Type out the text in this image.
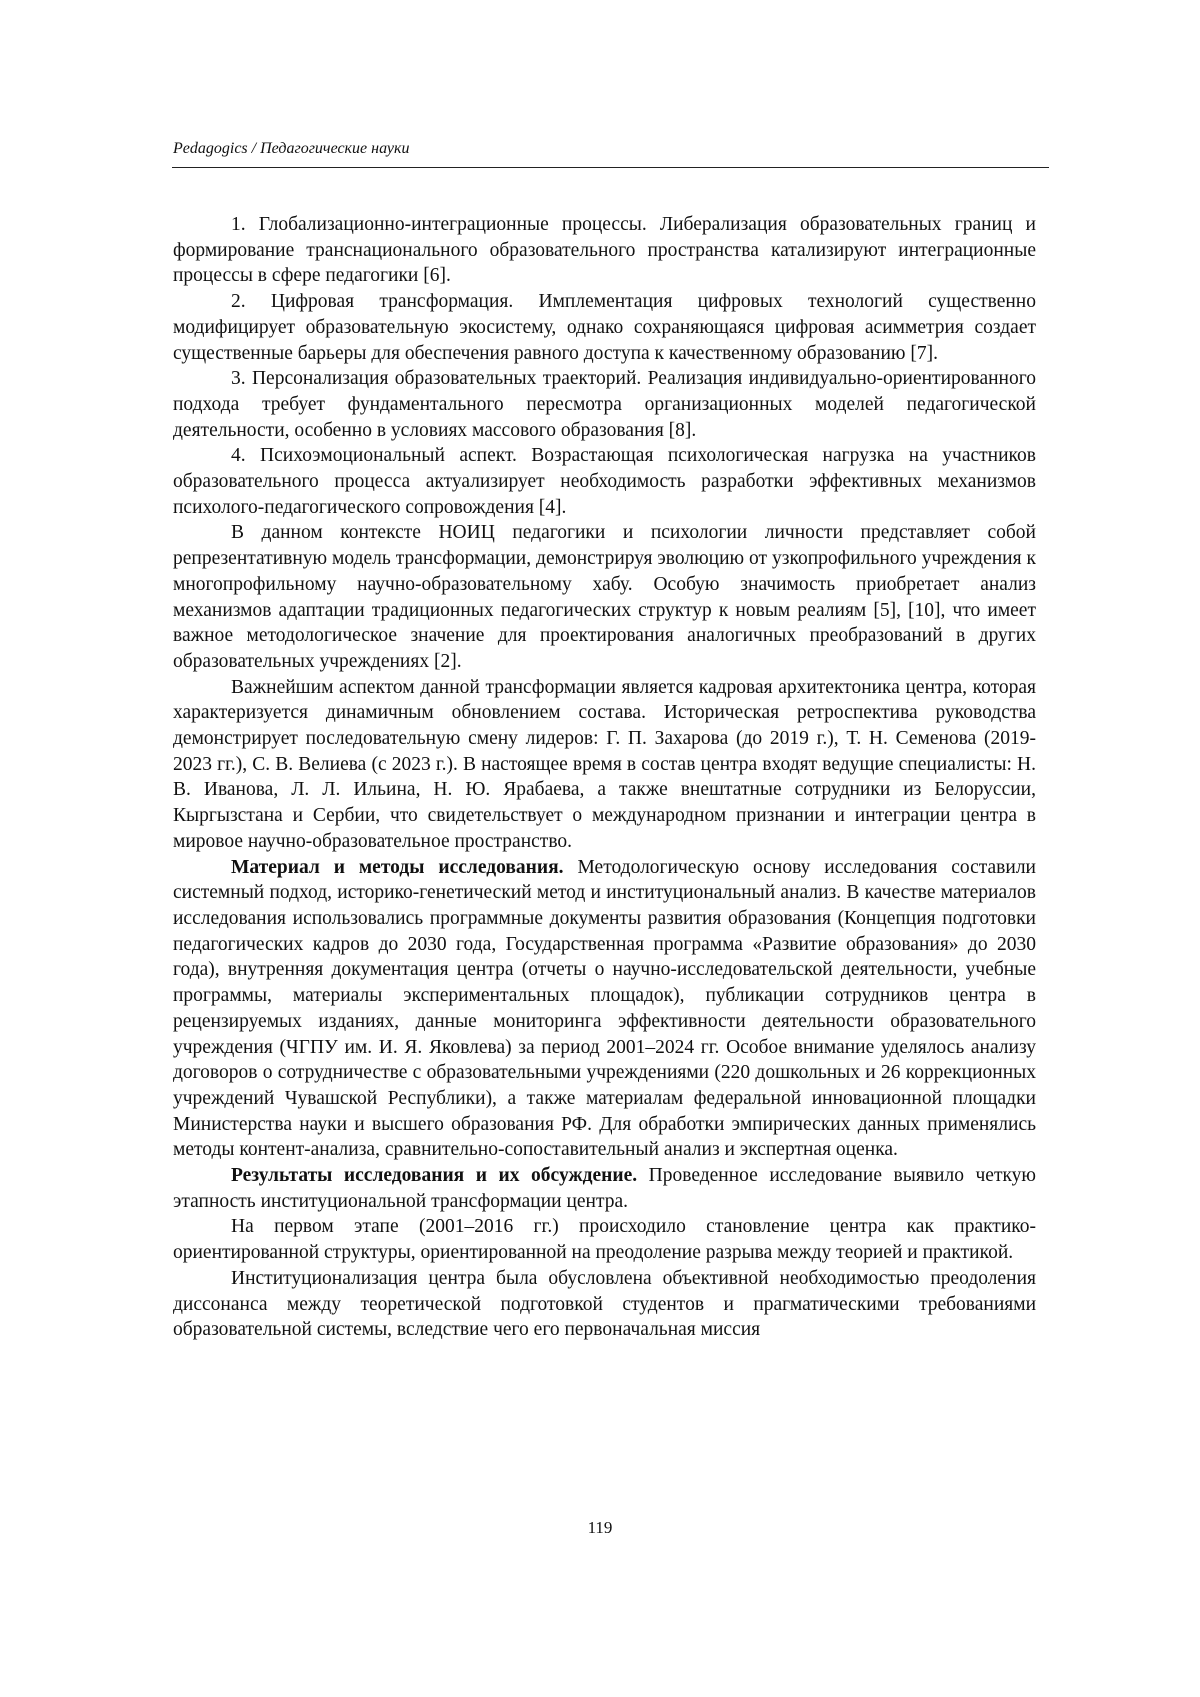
Pedagogics / Педагогические науки

1. Глобализационно-интеграционные процессы. Либерализация образовательных границ и формирование транснационального образовательного пространства катализируют интеграционные процессы в сфере педагогики [6].

2. Цифровая трансформация. Имплементация цифровых технологий существенно модифицирует образовательную экосистему, однако сохраняющаяся цифровая асимметрия создает существенные барьеры для обеспечения равного доступа к качественному образованию [7].

3. Персонализация образовательных траекторий. Реализация индивидуально-ориентированного подхода требует фундаментального пересмотра организационных моделей педагогической деятельности, особенно в условиях массового образования [8].

4. Психоэмоциональный аспект. Возрастающая психологическая нагрузка на участников образовательного процесса актуализирует необходимость разработки эффективных механизмов психолого-педагогического сопровождения [4].

В данном контексте НОИЦ педагогики и психологии личности представляет собой репрезентативную модель трансформации, демонстрируя эволюцию от узкопрофильного учреждения к многопрофильному научно-образовательному хабу. Особую значимость приобретает анализ механизмов адаптации традиционных педагогических структур к новым реалиям [5], [10], что имеет важное методологическое значение для проектирования аналогичных преобразований в других образовательных учреждениях [2].

Важнейшим аспектом данной трансформации является кадровая архитектоника центра, которая характеризуется динамичным обновлением состава. Историческая ретроспектива руководства демонстрирует последовательную смену лидеров: Г. П. Захарова (до 2019 г.), Т. Н. Семенова (2019-2023 гг.), С. В. Велиева (с 2023 г.). В настоящее время в состав центра входят ведущие специалисты: Н. В. Иванова, Л. Л. Ильина, Н. Ю. Ярабаева, а также внештатные сотрудники из Белоруссии, Кыргызстана и Сербии, что свидетельствует о международном признании и интеграции центра в мировое научно-образовательное пространство.

Материал и методы исследования. Методологическую основу исследования составили системный подход, историко-генетический метод и институциональный анализ. В качестве материалов исследования использовались программные документы развития образования (Концепция подготовки педагогических кадров до 2030 года, Государственная программа «Развитие образования» до 2030 года), внутренняя документация центра (отчеты о научно-исследовательской деятельности, учебные программы, материалы экспериментальных площадок), публикации сотрудников центра в рецензируемых изданиях, данные мониторинга эффективности деятельности образовательного учреждения (ЧГПУ им. И. Я. Яковлева) за период 2001–2024 гг. Особое внимание уделялось анализу договоров о сотрудничестве с образовательными учреждениями (220 дошкольных и 26 коррекционных учреждений Чувашской Республики), а также материалам федеральной инновационной площадки Министерства науки и высшего образования РФ. Для обработки эмпирических данных применялись методы контент-анализа, сравнительно-сопоставительный анализ и экспертная оценка.

Результаты исследования и их обсуждение. Проведенное исследование выявило четкую этапность институциональной трансформации центра.

На первом этапе (2001–2016 гг.) происходило становление центра как практико-ориентированной структуры, ориентированной на преодоление разрыва между теорией и практикой.

Институционализация центра была обусловлена объективной необходимостью преодоления диссонанса между теоретической подготовкой студентов и прагматическими требованиями образовательной системы, вследствие чего его первоначальная миссия

119
